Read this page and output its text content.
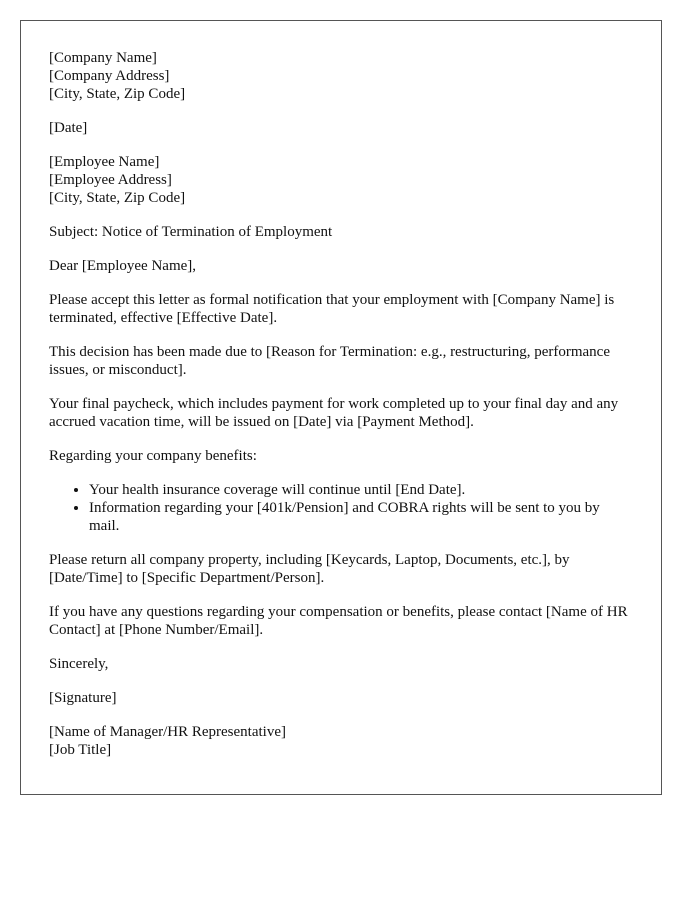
[Company Name]
[Company Address]
[City, State, Zip Code]

[Date]

[Employee Name]
[Employee Address]
[City, State, Zip Code]

Subject: Notice of Termination of Employment

Dear [Employee Name],

Please accept this letter as formal notification that your employment with [Company Name] is terminated, effective [Effective Date].

This decision has been made due to [Reason for Termination: e.g., restructuring, performance issues, or misconduct].

Your final paycheck, which includes payment for work completed up to your final day and any accrued vacation time, will be issued on [Date] via [Payment Method].

Regarding your company benefits:

• Your health insurance coverage will continue until [End Date].
• Information regarding your [401k/Pension] and COBRA rights will be sent to you by mail.

Please return all company property, including [Keycards, Laptop, Documents, etc.], by [Date/Time] to [Specific Department/Person].

If you have any questions regarding your compensation or benefits, please contact [Name of HR Contact] at [Phone Number/Email].

Sincerely,

[Signature]

[Name of Manager/HR Representative]
[Job Title]
